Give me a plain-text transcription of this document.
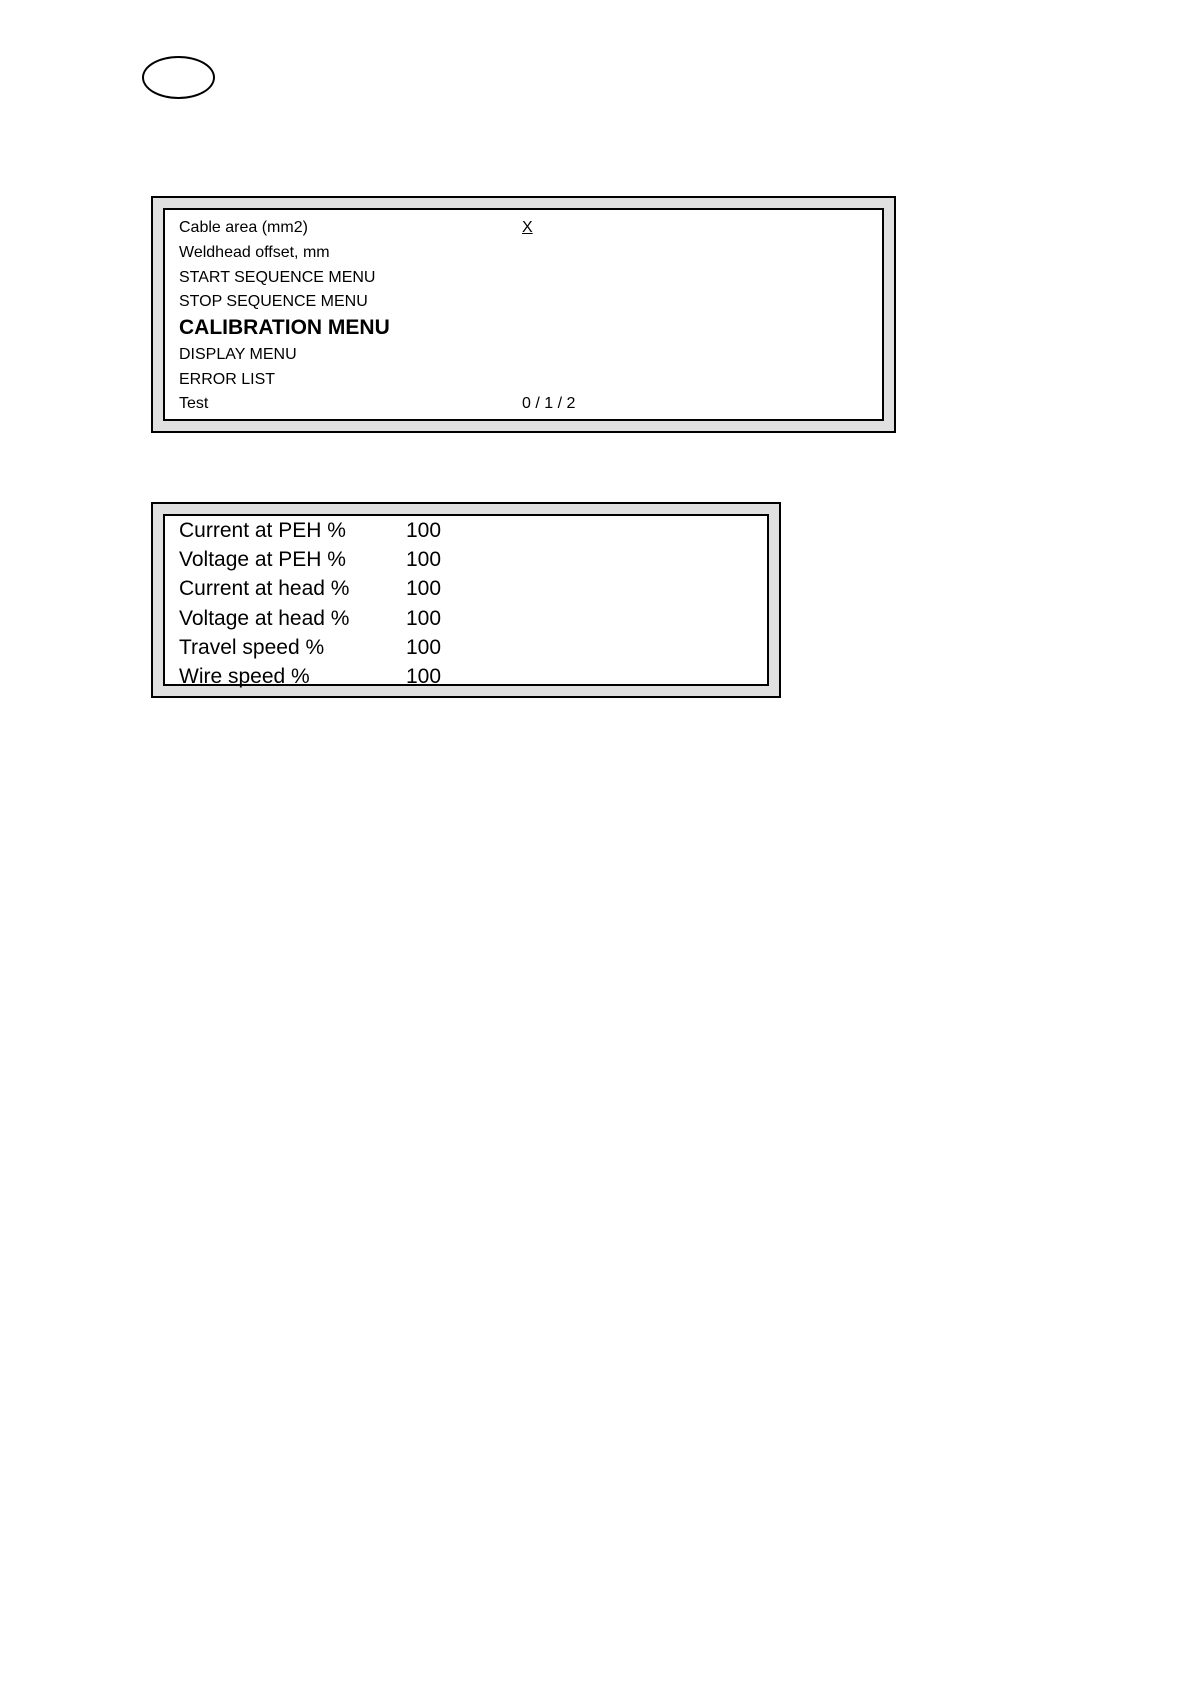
Cable area (mm2)	X
Weldhead offset, mm
START SEQUENCE MENU
STOP SEQUENCE MENU
CALIBRATION MENU
DISPLAY MENU
ERROR LIST
Test	0 / 1 / 2
Current at PEH %	100
Voltage at PEH %	100
Current at head %	100
Voltage at head %	100
Travel speed %	100
Wire speed %	100
